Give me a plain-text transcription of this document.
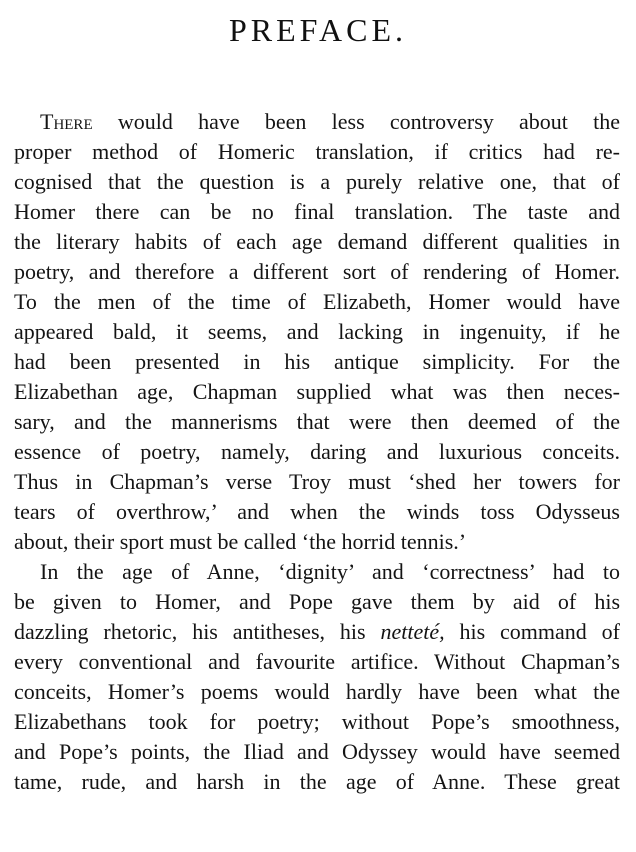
PREFACE.
There would have been less controversy about the
proper method of Homeric translation, if critics had re-
cognised that the question is a purely relative one, that of
Homer there can be no final translation. The taste and
the literary habits of each age demand different qualities in
poetry, and therefore a different sort of rendering of Homer.
To the men of the time of Elizabeth, Homer would have
appeared bald, it seems, and lacking in ingenuity, if he
had been presented in his antique simplicity. For the
Elizabethan age, Chapman supplied what was then neces-
sary, and the mannerisms that were then deemed of the
essence of poetry, namely, daring and luxurious conceits.
Thus in Chapman’s verse Troy must ‘shed her towers for
tears of overthrow,’ and when the winds toss Odysseus
about, their sport must be called ‘the horrid tennis.’
In the age of Anne, ‘dignity’ and ‘correctness’ had to
be given to Homer, and Pope gave them by aid of his
dazzling rhetoric, his antitheses, his netteté, his command of
every conventional and favourite artifice. Without Chapman’s
conceits, Homer’s poems would hardly have been what the
Elizabethans took for poetry; without Pope’s smoothness,
and Pope’s points, the Iliad and Odyssey would have seemed
tame, rude, and harsh in the age of Anne. These great
